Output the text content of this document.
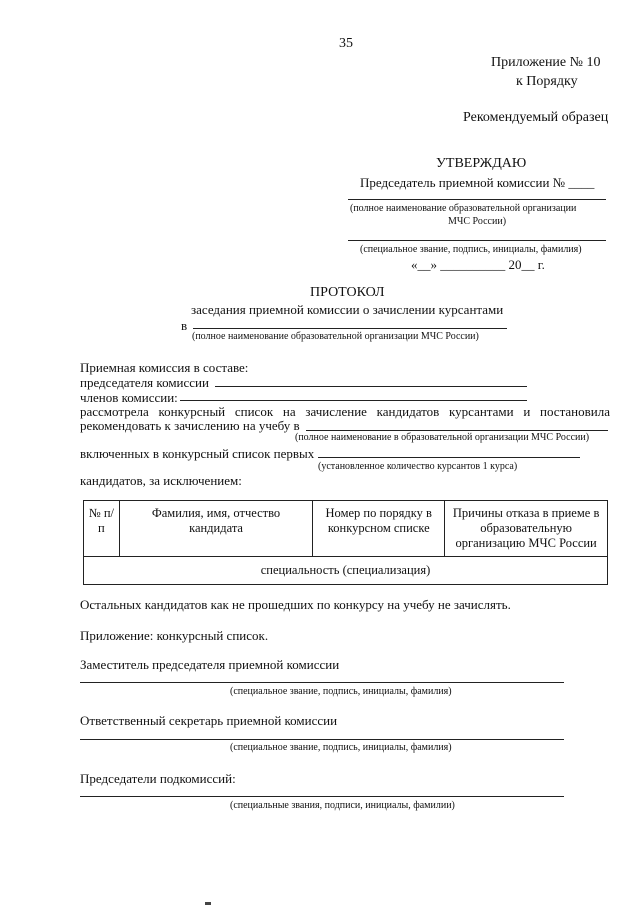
35
Приложение № 10
к Порядку
Рекомендуемый образец
УТВЕРЖДАЮ
Председатель приемной комиссии № ____
(полное наименование образовательной организации
МЧС России)
(специальное звание, подпись, инициалы, фамилия)
«__» __________ 20__ г.
ПРОТОКОЛ
заседания приемной комиссии о зачислении курсантами
в
(полное наименование образовательной организации МЧС России)
Приемная комиссия в составе:
председателя комиссии
членов комиссии:
рассмотрела конкурсный список на зачисление кандидатов курсантами и постановила
рекомендовать к зачислению на учебу в
(полное наименование в образовательной организации МЧС России)
включенных в конкурсный список первых
(установленное количество курсантов 1 курса)
кандидатов, за исключением:
№ п/п	Фамилия, имя, отчество кандидата	Номер по порядку в конкурсном списке	Причины отказа в приеме в образовательную организацию МЧС России
специальность (специализация)
Остальных кандидатов как не прошедших по конкурсу на учебу не зачислять.
Приложение: конкурсный список.
Заместитель председателя приемной комиссии
(специальное звание, подпись, инициалы, фамилия)
Ответственный секретарь приемной комиссии
(специальное звание, подпись, инициалы, фамилия)
Председатели подкомиссий:
(специальные звания, подписи, инициалы, фамилии)
